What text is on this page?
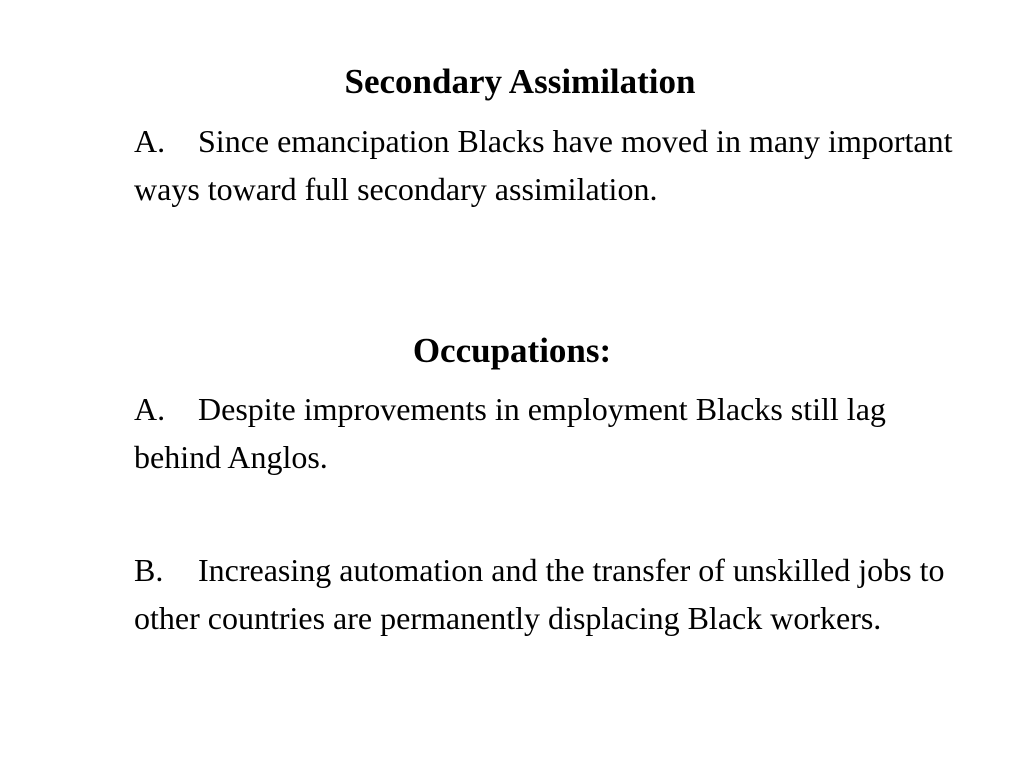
Secondary Assimilation

A. Since emancipation Blacks have moved in many important ways toward full secondary assimilation.

Occupations:

A. Despite improvements in employment Blacks still lag behind Anglos.

B. Increasing automation and the transfer of unskilled jobs to other countries are permanently displacing Black workers.
